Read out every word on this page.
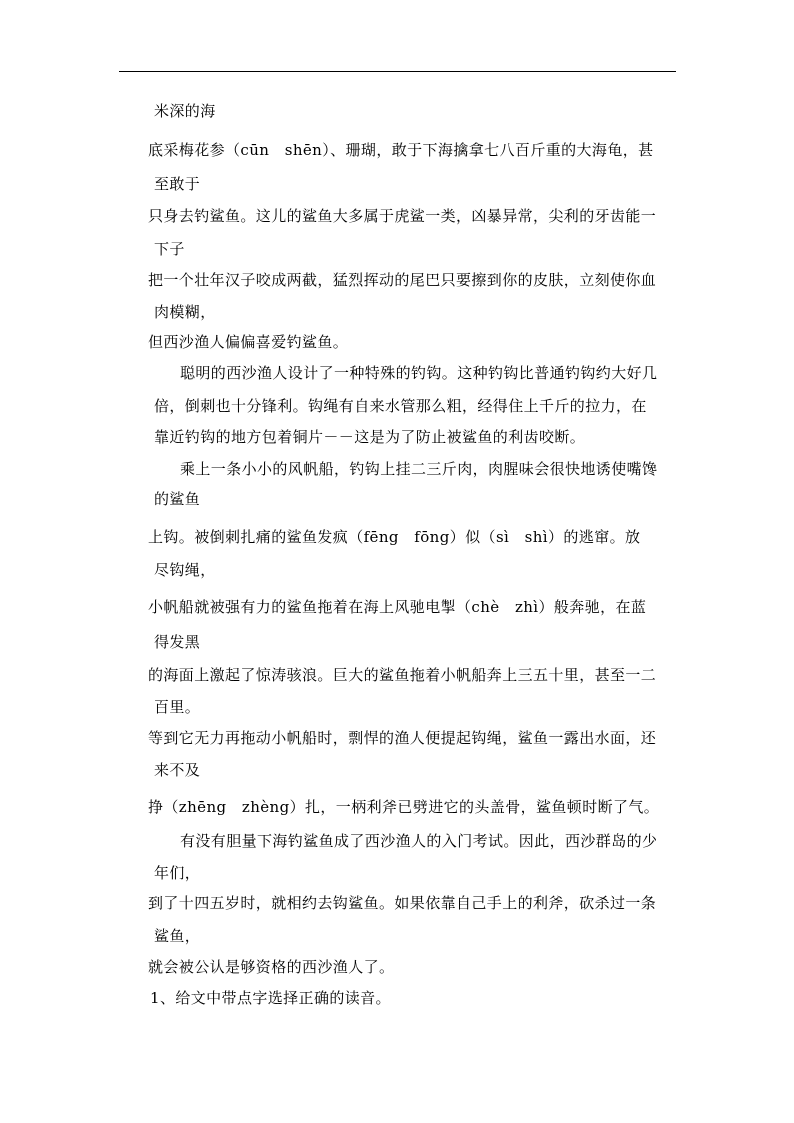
米深的海
底采梅花参（cūn　shēn）、珊瑚，敢于下海擒拿七八百斤重的大海龟，甚
至敢于
只身去钓鲨鱼。这儿的鲨鱼大多属于虎鲨一类，凶暴异常，尖利的牙齿能一
下子
把一个壮年汉子咬成两截，猛烈挥动的尾巴只要擦到你的皮肤，立刻使你血
肉模糊，
但西沙渔人偏偏喜爱钓鲨鱼。
聪明的西沙渔人设计了一种特殊的钓钩。这种钓钩比普通钓钩约大好几
倍，倒刺也十分锋利。钩绳有自来水管那么粗，经得住上千斤的拉力，在
靠近钓钩的地方包着铜片－－这是为了防止被鲨鱼的利齿咬断。
乘上一条小小的风帆船，钓钩上挂二三斤肉，肉腥味会很快地诱使嘴馋
的鲨鱼
上钩。被倒刺扎痛的鲨鱼发疯（fēng　fōng）似（sì　shì）的逃窜。放
尽钩绳，
小帆船就被强有力的鲨鱼拖着在海上风驰电掣（chè　zhì）般奔驰，在蓝
得发黑
的海面上激起了惊涛骇浪。巨大的鲨鱼拖着小帆船奔上三五十里，甚至一二
百里。
等到它无力再拖动小帆船时，剽悍的渔人便提起钩绳，鲨鱼一露出水面，还
来不及
挣（zhēng　zhèng）扎，一柄利斧已劈进它的头盖骨，鲨鱼顿时断了气。
有没有胆量下海钓鲨鱼成了西沙渔人的入门考试。因此，西沙群岛的少
年们，
到了十四五岁时，就相约去钩鲨鱼。如果依靠自己手上的利斧，砍杀过一条
鲨鱼，
就会被公认是够资格的西沙渔人了。
1、给文中带点字选择正确的读音。
